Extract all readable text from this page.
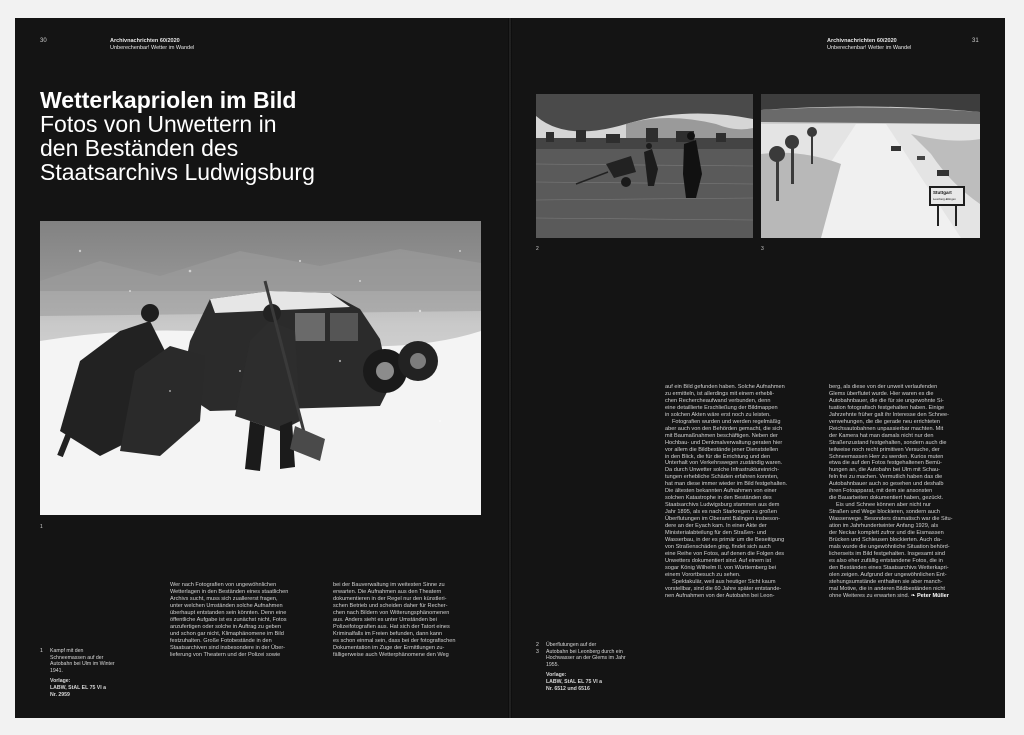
30	Archivnachrichten 60/2020
Unberechenbar! Wetter im Wandel
Wetterkapriolen im Bild
Fotos von Unwettern in
den Beständen des
Staatsarchivs Ludwigsburg
1
1 Kampf mit den Schneemassen auf der Autobahn bei Ulm im Winter 1941.
Vorlage:
LABW, StAL EL 75 VI a
Nr. 2959

Wer nach Fotografien von ungewöhnlichen

Wetterlagen in den Beständen eines staatlichen

Archivs sucht, muss sich zuallererst fragen,

unter welchen Umständen solche Aufnahmen

überhaupt entstanden sein könnten. Denn eine

öffentliche Aufgabe ist es zunächst nicht, Fotos

anzufertigen oder solche in Auftrag zu geben

und schon gar nicht, Klimaphänomene im Bild

festzuhalten. Große Fotobestände in den

Staatsarchiven sind insbesondere in der Über-

lieferung von Theatern und der Polizei sowie

bei der Bauverwaltung im weitesten Sinne zu

erwarten. Die Aufnahmen aus den Theatern

dokumentieren in der Regel nur den künstleri-

schen Betrieb und scheiden daher für Recher-

chen nach Bildern von Witterungsphänomenen

aus. Anders sieht es unter Umständen bei

Polizeifotografien aus. Hat sich der Tatort eines

Kriminalfalls im Freien befunden, dann kann

es schon einmal sein, dass bei der fotografischen

Dokumentation im Zuge der Ermittlungen zu-

fälligerweise auch Wetterphänomene den Weg

Archivnachrichten 60/2020
Unberechenbar! Wetter im Wandel
31
Stuttgart
Leonberg-Eltingen
2	3
2 Überflutungen auf der
3 Autobahn bei Leonberg durch ein Hochwasser an der Glems im Jahr 1955.
Vorlage:
LABW, StAL EL 75 VI a
Nr. 6512 und 6516

auf ein Bild gefunden haben. Solche Aufnahmen

zu ermitteln, ist allerdings mit einem erhebli-

chen Rechercheaufwand verbunden, denn

eine detaillierte Erschließung der Bildmappen

in solchen Akten wäre erst noch zu leisten.

Fotografien wurden und werden regelmäßig

aber auch von den Behörden gemacht, die sich

mit Baumaßnahmen beschäftigen. Neben der

Hochbau- und Denkmalverwaltung geraten hier

vor allem die Bildbestände jener Dienststellen

in den Blick, die für die Errichtung und den

Unterhalt von Verkehrswegen zuständig waren.

Da durch Unwetter solche Infrastruktureinrich-

tungen erhebliche Schäden erfahren konnten,

hat man diese immer wieder im Bild festgehalten.

Die ältesten bekannten Aufnahmen von einer

solchen Katastrophe in den Beständen des

Staatsarchivs Ludwigsburg stammen aus dem

Jahr 1895, als es nach Starkregen zu großen

Überflutungen im Oberamt Balingen insbeson-

dere an der Eyach kam. In einer Akte der

Ministerialabteilung für den Straßen- und

Wasserbau, in der es primär um die Beseitigung

von Straßenschäden ging, findet sich auch

eine Reihe von Fotos, auf denen die Folgen des

Unwetters dokumentiert sind. Auf einem ist

sogar König Wilhelm II. von Württemberg bei

einem Vorortbesuch zu sehen.

Spektakulär, weil aus heutiger Sicht kaum

vorstellbar, sind die 60 Jahre später entstande-

nen Aufnahmen von der Autobahn bei Leon-

berg, als diese von der unweit verlaufenden

Glems überflutet wurde. Hier waren es die

Autobahnbauer, die die für sie ungewohnte Si-

tuation fotografisch festgehalten haben. Einige

Jahrzehnte früher galt ihr Interesse den Schnee-

verwehungen, die die gerade neu errichteten

Reichsautobahnen unpassierbar machten. Mit

der Kamera hat man damals nicht nur den

Straßenzustand festgehalten, sondern auch die

teilweise noch recht primitiven Versuche, der

Schneemassen Herr zu werden. Kurios muten

etwa die auf den Fotos festgehaltenen Bemü-

hungen an, die Autobahn bei Ulm mit Schau-

feln frei zu machen. Vermutlich haben das die

Autobahnbauer auch so gesehen und deshalb

ihren Fotoapparat, mit dem sie ansonsten

die Bauarbeiten dokumentiert haben, gezückt.

Eis und Schnee können aber nicht nur

Straßen und Wege blockieren, sondern auch

Wasserwege. Besonders dramatisch war die Situ-

ation im Jahrhundertwinter Anfang 1929, als

der Neckar komplett zufror und die Eismassen

Brücken und Schleusen blockierten. Auch da-

mals wurde die ungewöhnliche Situation behörd-

licherseits im Bild festgehalten. Insgesamt sind

es also eher zufällig entstandene Fotos, die in

den Beständen eines Staatsarchivs Wetterkapri-

olen zeigen. Aufgrund der ungewöhnlichen Ent-

stehungsumstände enthalten sie aber manch-

mal Motive, die in anderen Bildbeständen nicht

ohne Weiteres zu erwarten sind. ❧ Peter Müller
